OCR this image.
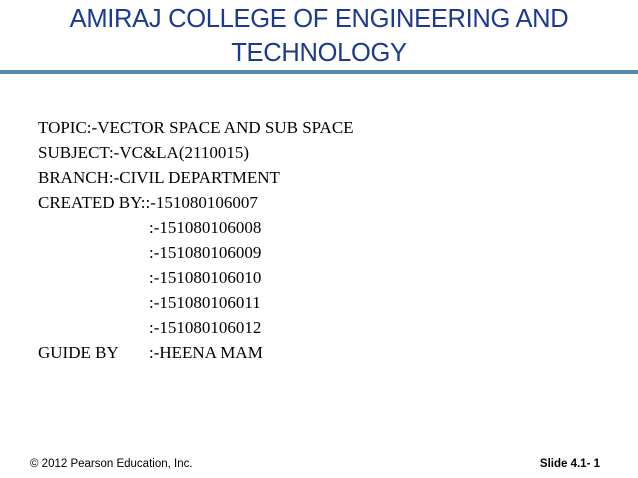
AMIRAJ COLLEGE OF ENGINEERING AND
TECHNOLOGY
TOPIC:-VECTOR SPACE AND SUB SPACE
SUBJECT:-VC&LA(2110015)
BRANCH:-CIVIL DEPARTMENT
CREATED BY: :-151080106007
:-151080106008
:-151080106009
:-151080106010
:-151080106011
:-151080106012
GUIDE BY	:-HEENA MAM
© 2012 Pearson Education, Inc.	Slide 4.1- 1
